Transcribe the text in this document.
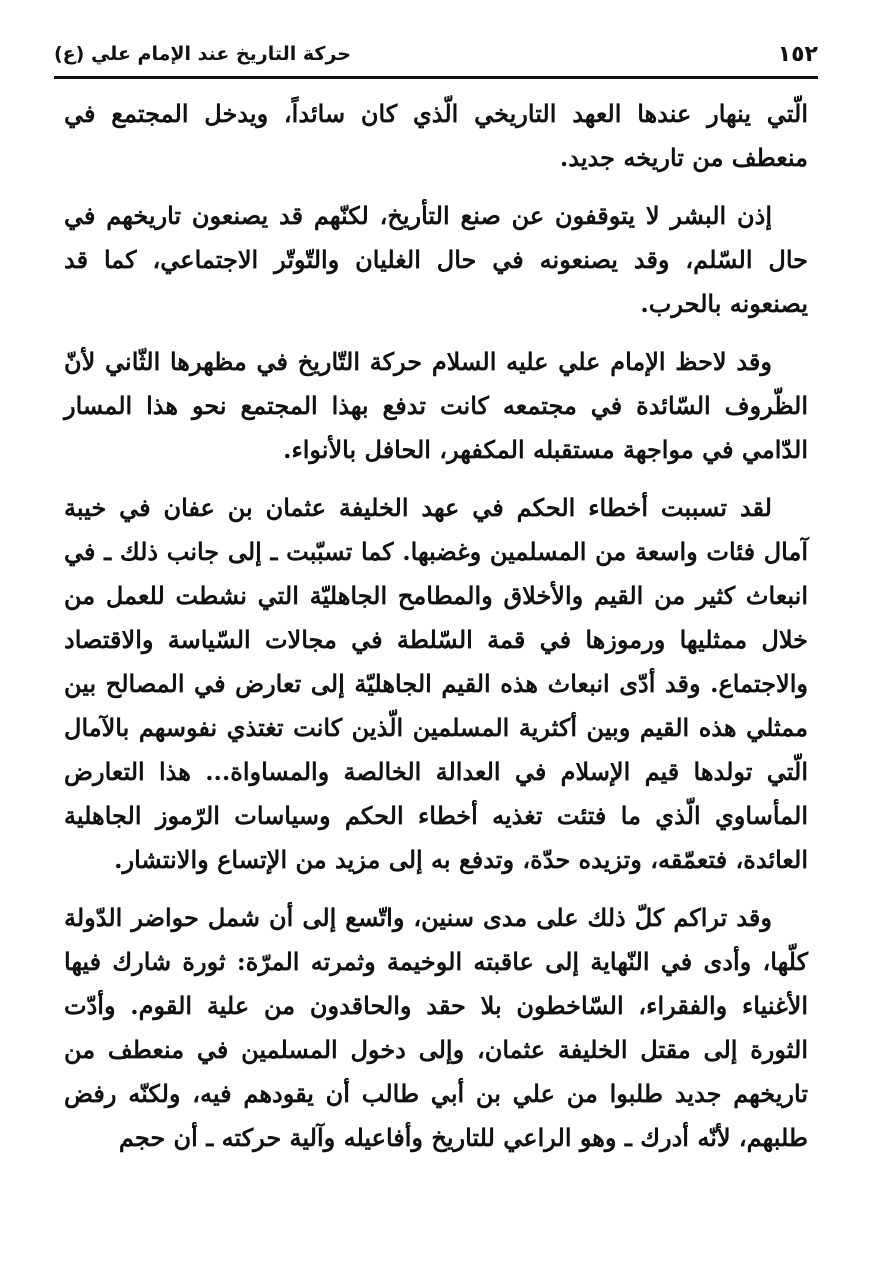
حركة التاريخ عند الإمام علي (ع)	١٥٢

الّتي ينهار عندها العهد التاريخي الّذي كان سائداً، ويدخل المجتمع في منعطف من تاريخه جديد.

إذن البشر لا يتوقفون عن صنع التأريخ، لكنّهم قد يصنعون تاريخهم في حال السّلم، وقد يصنعونه في حال الغليان والتّوتّر الاجتماعي، كما قد يصنعونه بالحرب.

وقد لاحظ الإمام علي عليه السلام حركة التّاريخ في مظهرها الثّاني لأنّ الظّروف السّائدة في مجتمعه كانت تدفع بهذا المجتمع نحو هذا المسار الدّامي في مواجهة مستقبله المكفهر، الحافل بالأنواء.

لقد تسببت أخطاء الحكم في عهد الخليفة عثمان بن عفان في خيبة آمال فئات واسعة من المسلمين وغضبها. كما تسبّبت ـ إلى جانب ذلك ـ في انبعاث كثير من القيم والأخلاق والمطامح الجاهليّة التي نشطت للعمل من خلال ممثليها ورموزها في قمة السّلطة في مجالات السّياسة والاقتصاد والاجتماع. وقد أدّى انبعاث هذه القيم الجاهليّة إلى تعارض في المصالح بين ممثلي هذه القيم وبين أكثرية المسلمين الّذين كانت تغتذي نفوسهم بالآمال الّتي تولدها قيم الإسلام في العدالة الخالصة والمساواة... هذا التعارض المأساوي الّذي ما فتئت تغذيه أخطاء الحكم وسياسات الرّموز الجاهلية العائدة، فتعمّقه، وتزيده حدّة، وتدفع به إلى مزيد من الإتساع والانتشار.

وقد تراكم كلّ ذلك على مدى سنين، واتّسع إلى أن شمل حواضر الدّولة كلّها، وأدى في النّهاية إلى عاقبته الوخيمة وثمرته المرّة: ثورة شارك فيها الأغنياء والفقراء، السّاخطون بلا حقد والحاقدون من علية القوم. وأدّت الثورة إلى مقتل الخليفة عثمان، وإلى دخول المسلمين في منعطف من تاريخهم جديد طلبوا من علي بن أبي طالب أن يقودهم فيه، ولكنّه رفض طلبهم، لأنّه أدرك ـ وهو الراعي للتاريخ وأفاعيله وآلية حركته ـ أن حجم
